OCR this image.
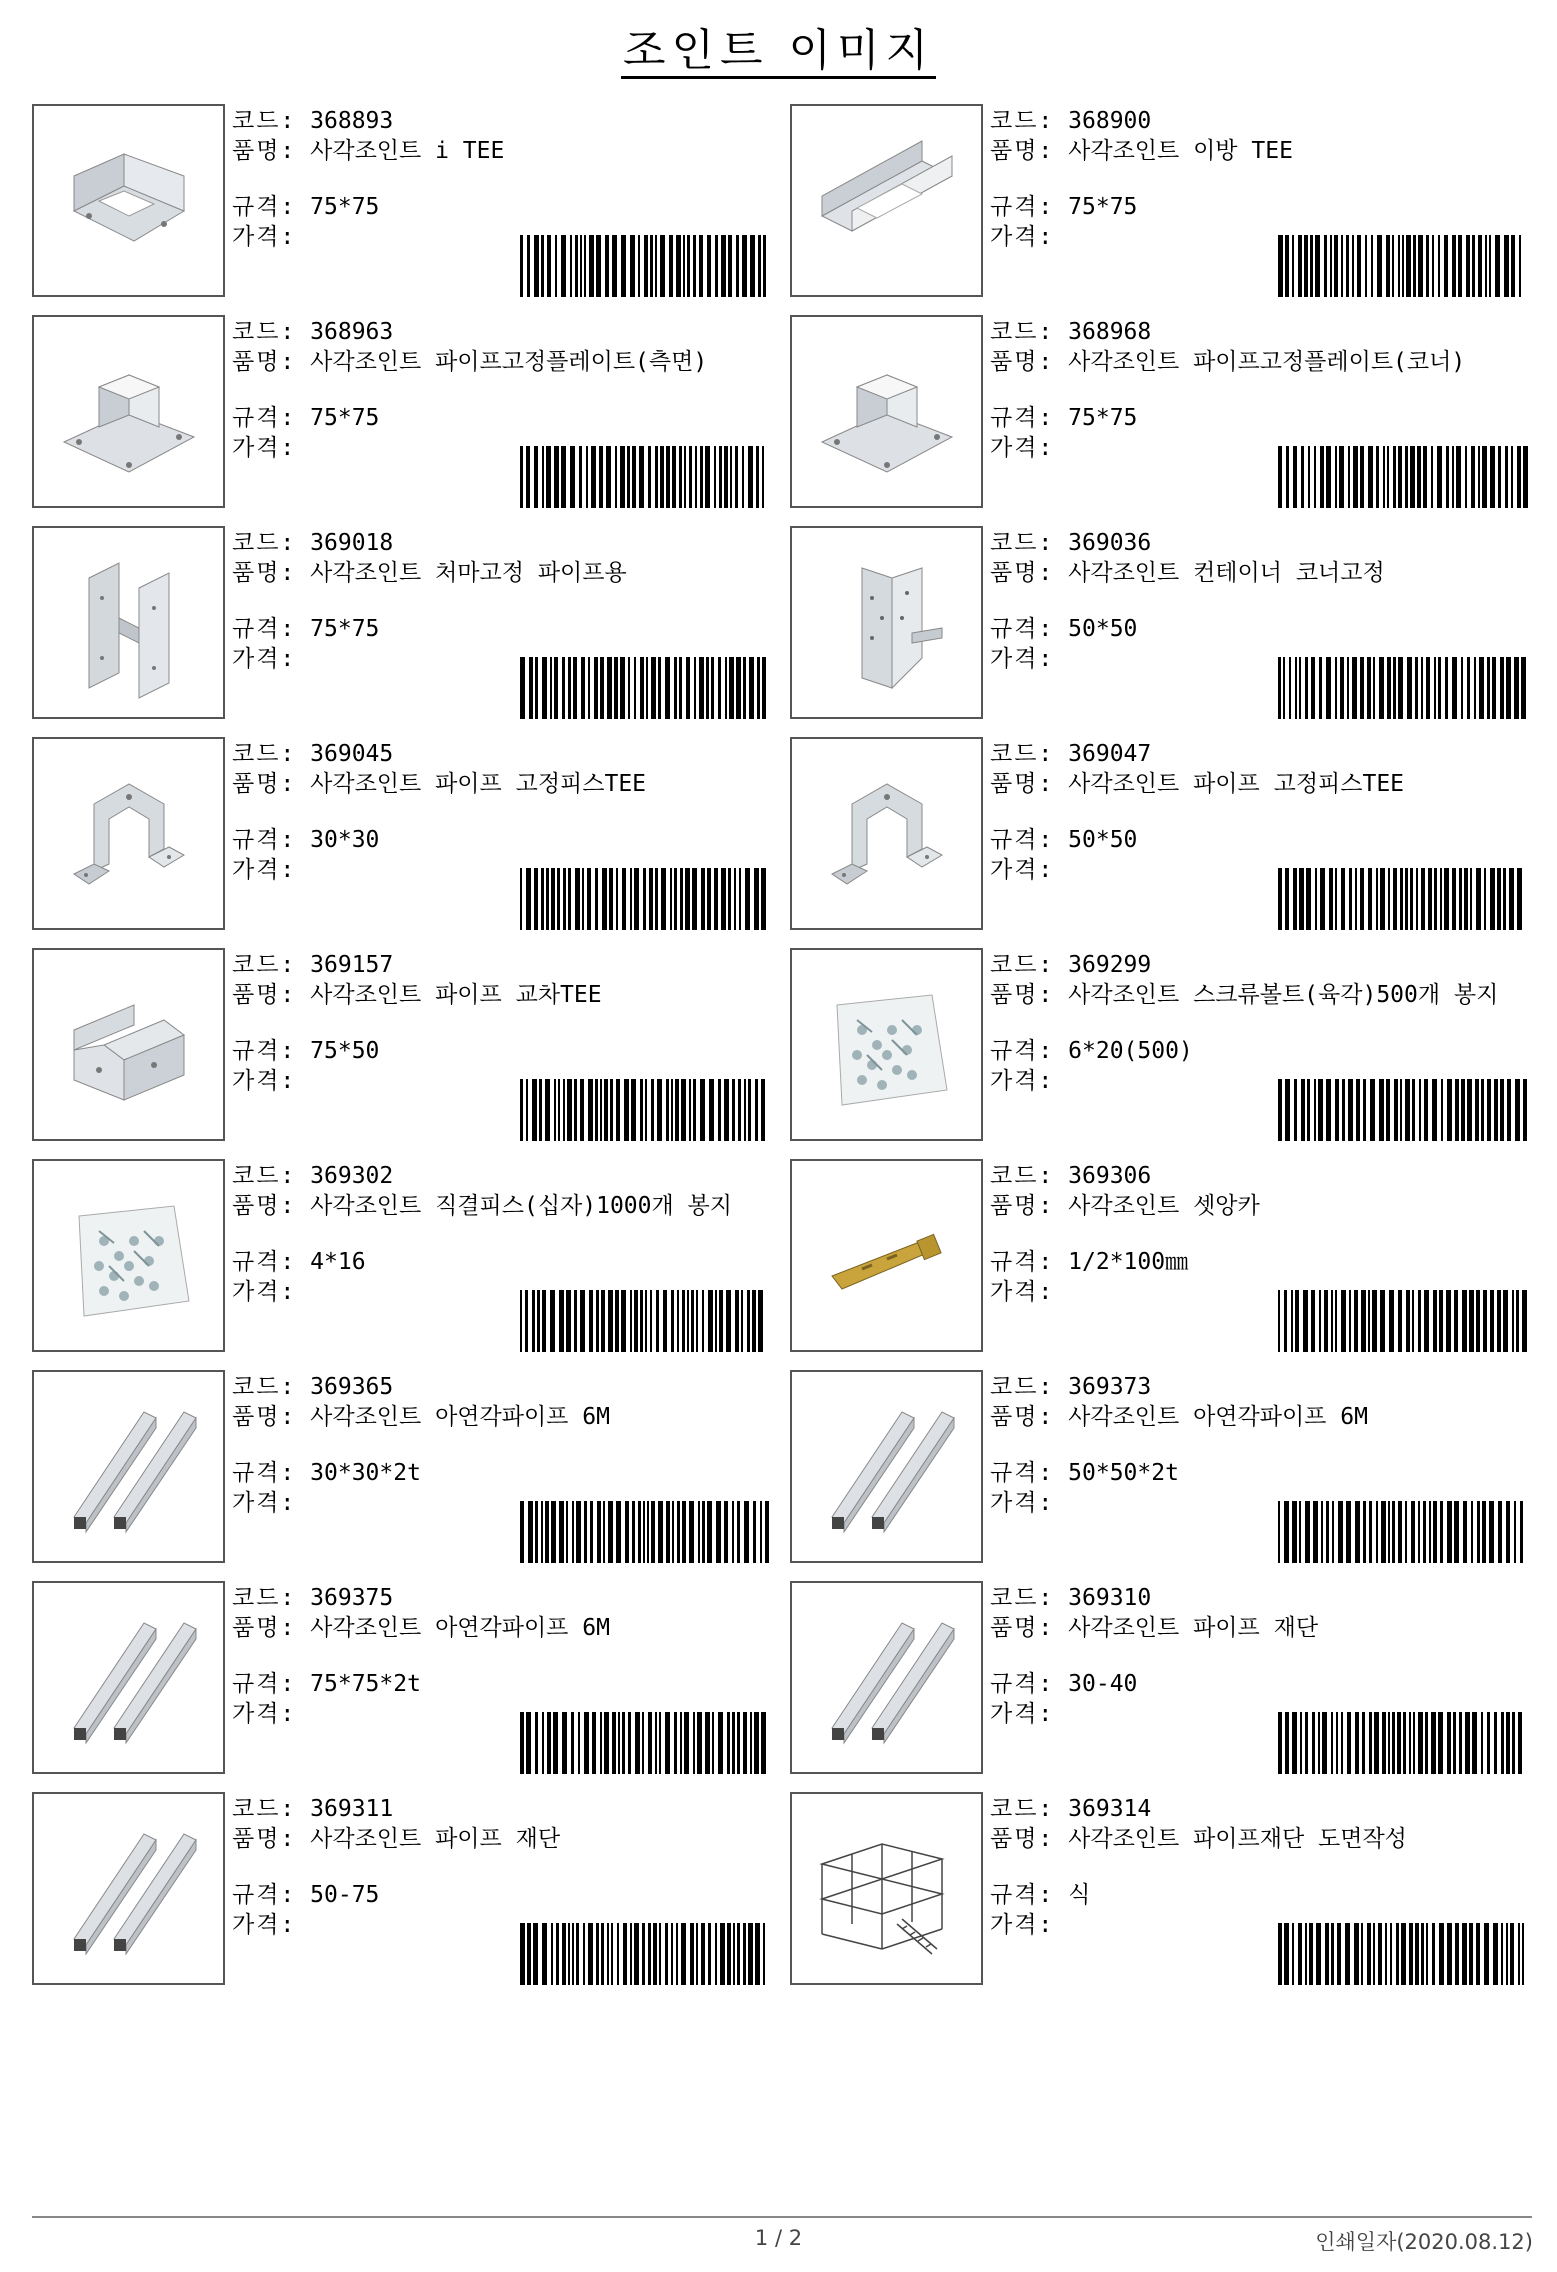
조인트 이미지
코드: 368893
품명:
사각조인트 i TEE
규격: 75*75
가격:
코드: 368900
품명:
사각조인트 이방 TEE
규격: 75*75
가격:
코드: 368963
품명:
사각조인트 파이프고정플레이트(측면)
규격: 75*75
가격:
코드: 368968
품명:
사각조인트 파이프고정플레이트(코너)
규격: 75*75
가격:
코드: 369018
품명:
사각조인트 처마고정 파이프용
규격: 75*75
가격:
코드: 369036
품명:
사각조인트 컨테이너 코너고정
규격: 50*50
가격:
코드: 369045
품명:
사각조인트 파이프 고정피스TEE
규격: 30*30
가격:
코드: 369047
품명:
사각조인트 파이프 고정피스TEE
규격: 50*50
가격:
코드: 369157
품명:
사각조인트 파이프 교차TEE
규격: 75*50
가격:
코드: 369299
품명:
사각조인트 스크류볼트(육각)500개 봉지
규격: 6*20(500)
가격:
코드: 369302
품명:
사각조인트 직결피스(십자)1000개 봉지
규격: 4*16
가격:
코드: 369306
품명:
사각조인트 셋앙카
규격: 1/2*100㎜
가격:
코드: 369365
품명:
사각조인트 아연각파이프 6M
규격: 30*30*2t
가격:
코드: 369373
품명:
사각조인트 아연각파이프 6M
규격: 50*50*2t
가격:
코드: 369375
품명:
사각조인트 아연각파이프 6M
규격: 75*75*2t
가격:
코드: 369310
품명:
사각조인트 파이프 재단
규격: 30-40
가격:
코드: 369311
품명:
사각조인트 파이프 재단
규격: 50-75
가격:
코드: 369314
품명:
사각조인트 파이프재단 도면작성
규격: 식
가격:
1 / 2	인쇄일자(2020.08.12)
